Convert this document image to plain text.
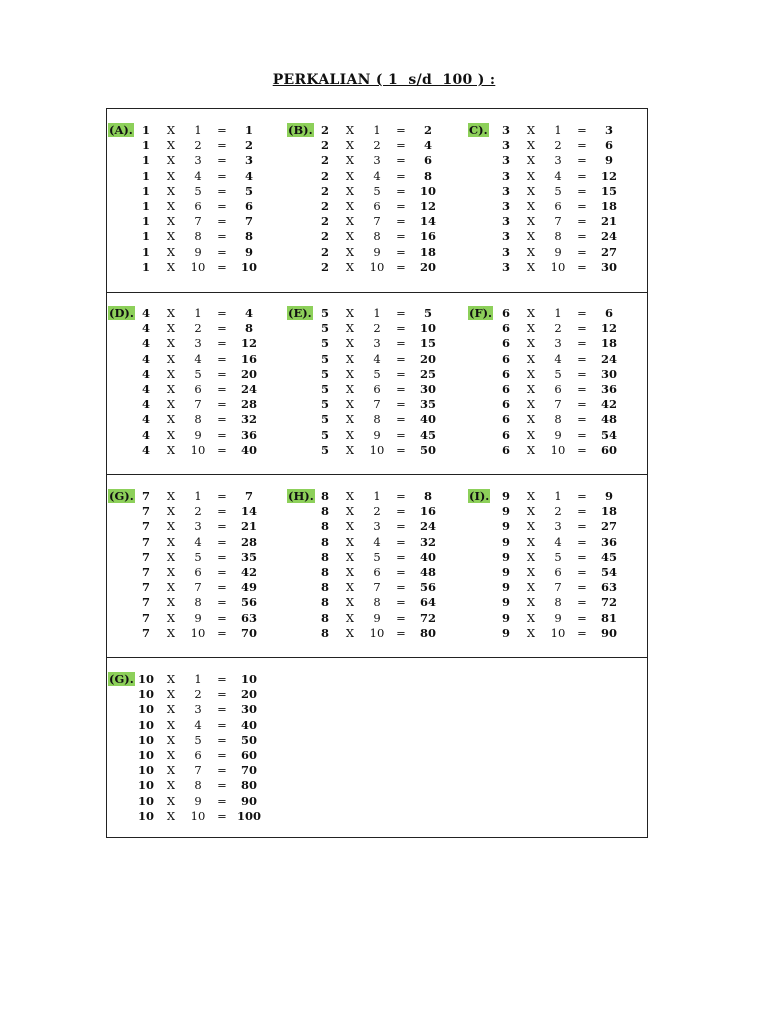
PERKALIAN ( 1  s/d  100 ) :
(A). 1	X	1	=	1
1	X	2	=	2
1	X	3	=	3
1	X	4	=	4
1	X	5	=	5
1	X	6	=	6
1	X	7	=	7
1	X	8	=	8
1	X	9	=	9
1	X	10	=	10
(B). 2	X	1	=	2
2	X	2	=	4
2	X	3	=	6
2	X	4	=	8
2	X	5	=	10
2	X	6	=	12
2	X	7	=	14
2	X	8	=	16
2	X	9	=	18
2	X	10	=	20
C).	3	X	1	=	3
3	X	2	=	6
3	X	3	=	9
3	X	4	=	12
3	X	5	=	15
3	X	6	=	18
3	X	7	=	21
3	X	8	=	24
3	X	9	=	27
3	X	10	=	30
(D). 4	X	1	=	4
4	X	2	=	8
4	X	3	=	12
4	X	4	=	16
4	X	5	=	20
4	X	6	=	24
4	X	7	=	28
4	X	8	=	32
4	X	9	=	36
4	X	10	=	40
(E). 5	X	1	=	5
5	X	2	=	10
5	X	3	=	15
5	X	4	=	20
5	X	5	=	25
5	X	6	=	30
5	X	7	=	35
5	X	8	=	40
5	X	9	=	45
5	X	10	=	50
(F). 6	X	1	=	6
6	X	2	=	12
6	X	3	=	18
6	X	4	=	24
6	X	5	=	30
6	X	6	=	36
6	X	7	=	42
6	X	8	=	48
6	X	9	=	54
6	X	10	=	60
(G). 7	X	1	=	7
7	X	2	=	14
7	X	3	=	21
7	X	4	=	28
7	X	5	=	35
7	X	6	=	42
7	X	7	=	49
7	X	8	=	56
7	X	9	=	63
7	X	10	=	70
(H). 8	X	1	=	8
8	X	2	=	16
8	X	3	=	24
8	X	4	=	32
8	X	5	=	40
8	X	6	=	48
8	X	7	=	56
8	X	8	=	64
8	X	9	=	72
8	X	10	=	80
(I).	9	X	1	=	9
9	X	2	=	18
9	X	3	=	27
9	X	4	=	36
9	X	5	=	45
9	X	6	=	54
9	X	7	=	63
9	X	8	=	72
9	X	9	=	81
9	X	10	=	90
(G). 10	X	1	=	10
10	X	2	=	20
10	X	3	=	30
10	X	4	=	40
10	X	5	=	50
10	X	6	=	60
10	X	7	=	70
10	X	8	=	80
10	X	9	=	90
10	X	10	= 100
